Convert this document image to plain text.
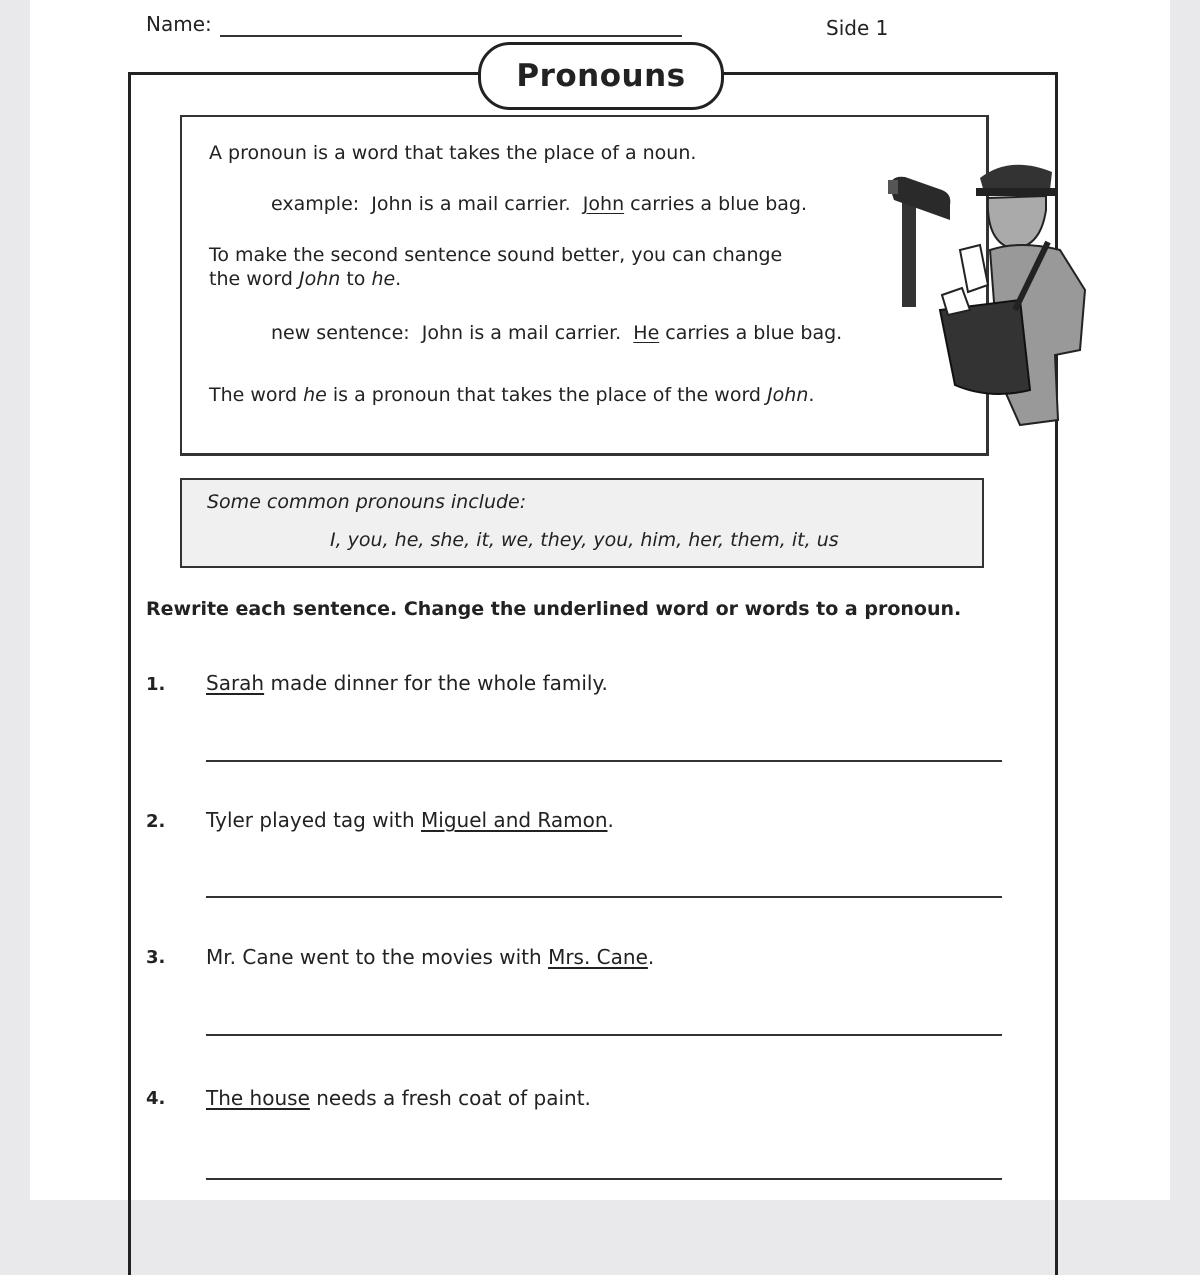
Name:	Side 1
Pronouns
A pronoun is a word that takes the place of a noun.
example:  John is a mail carrier.  John carries a blue bag.
To make the second sentence sound better, you can change
the word John to he.
new sentence:  John is a mail carrier.  He carries a blue bag.
The word he is a pronoun that takes the place of the word John.
Some common pronouns include:
I, you, he, she, it, we, they, you, him, her, them, it, us
Rewrite each sentence. Change the underlined word or words to a pronoun.
1. Sarah made dinner for the whole family.
2. Tyler played tag with Miguel and Ramon.
3. Mr. Cane went to the movies with Mrs. Cane.
4. The house needs a fresh coat of paint.
